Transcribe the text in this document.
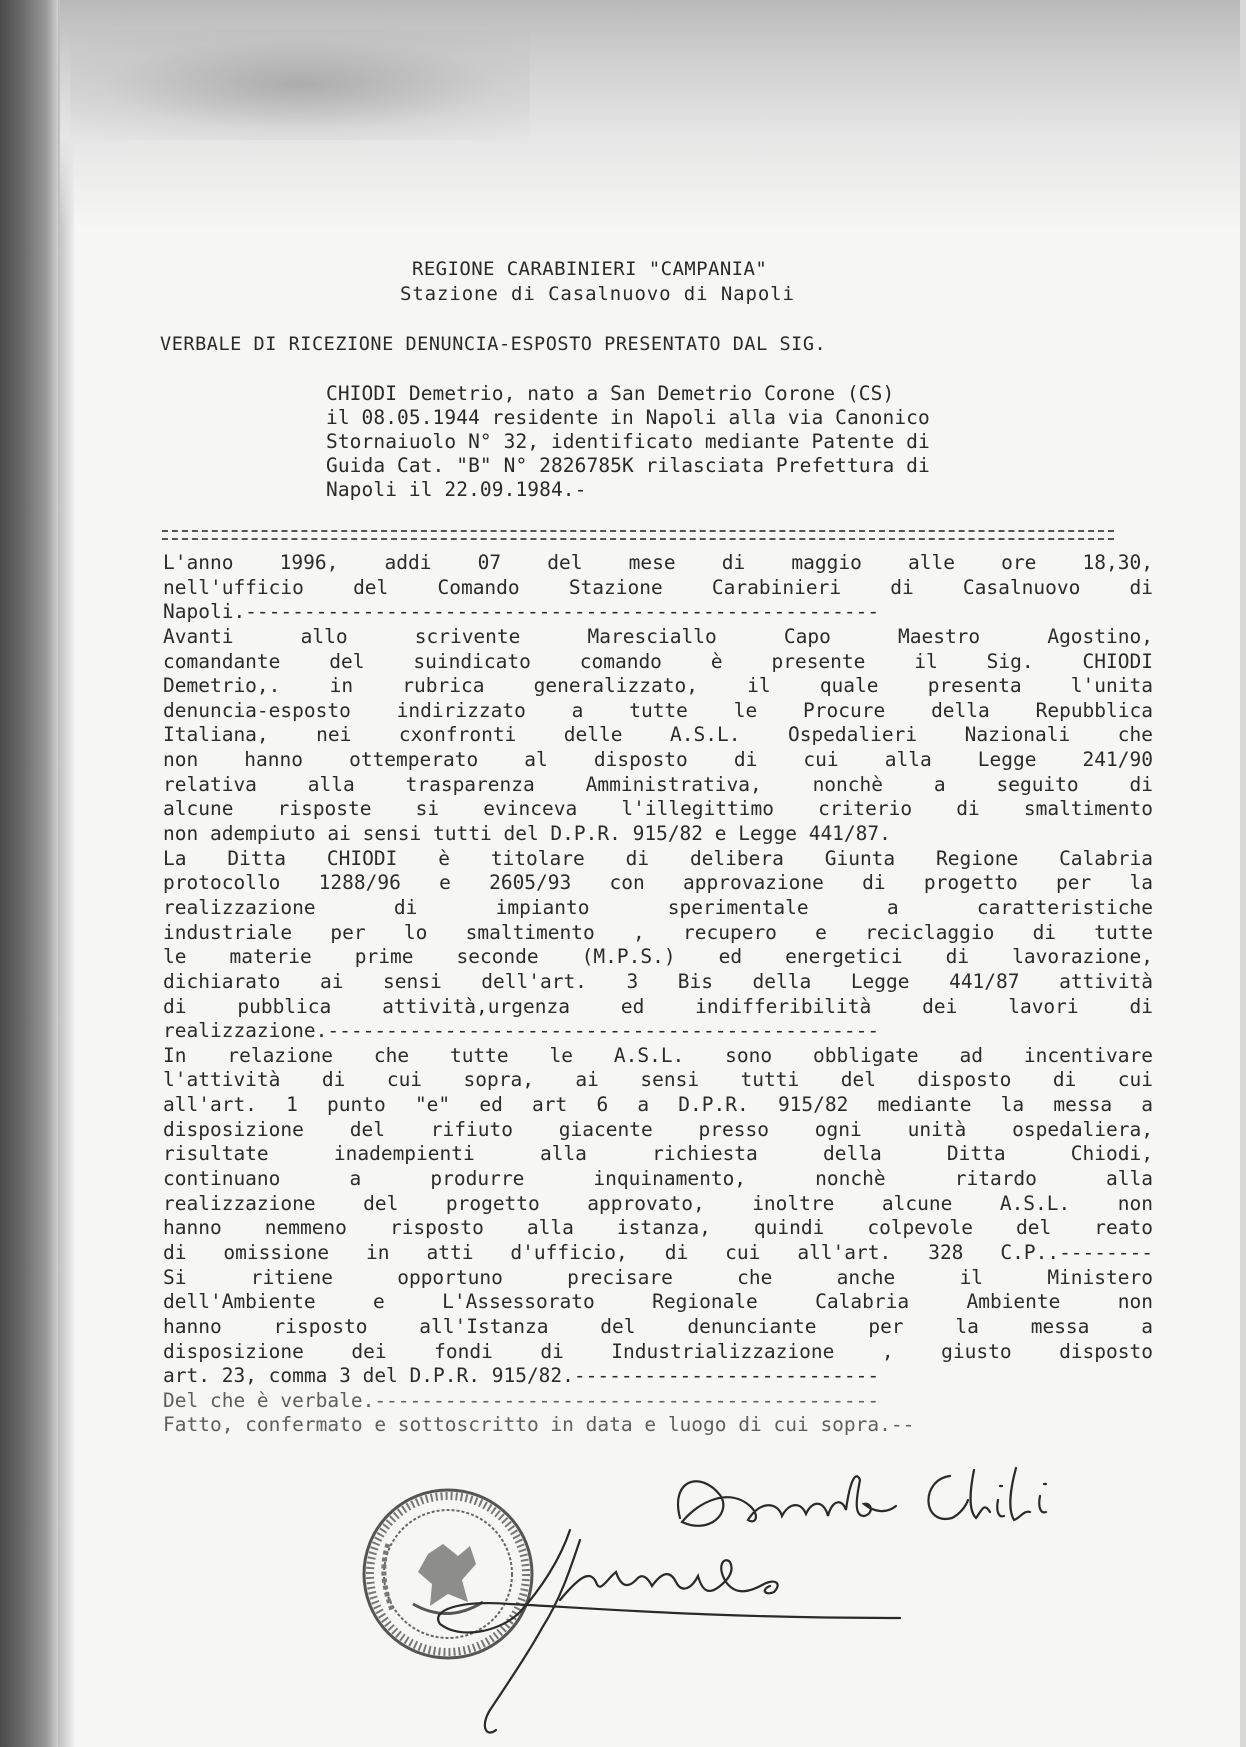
REGIONE CARABINIERI "CAMPANIA"

Stazione di Casalnuovo di Napoli

VERBALE DI RICEZIONE DENUNCIA-ESPOSTO PRESENTATO DAL SIG.

CHIODI Demetrio, nato a San Demetrio Corone (CS)
il 08.05.1944 residente in Napoli alla via Canonico
Stornaiuolo N° 32, identificato mediante Patente di
Guida Cat. "B" N° 2826785K rilasciata Prefettura di
Napoli il 22.09.1984.-
L'anno 1996, addi 07 del mese di maggio alle ore 18,30,
nell'ufficio del Comando Stazione Carabinieri di Casalnuovo di
Napoli.------------------------------------------------------
Avanti allo scrivente Maresciallo Capo Maestro Agostino,
comandante del suindicato comando è presente il Sig. CHIODI
Demetrio,. in rubrica generalizzato, il quale presenta l'unita
denuncia-esposto indirizzato a tutte le Procure della Repubblica
Italiana, nei cxonfronti delle A.S.L. Ospedalieri Nazionali che
non hanno ottemperato al disposto di cui alla Legge 241/90
relativa alla trasparenza Amministrativa, nonchè a seguito di
alcune risposte si evinceva l'illegittimo criterio di smaltimento
non adempiuto ai sensi tutti del D.P.R. 915/82 e Legge 441/87.
La Ditta CHIODI è titolare di delibera Giunta Regione Calabria
protocollo 1288/96 e 2605/93 con approvazione di progetto per la
realizzazione di impianto sperimentale a caratteristiche
industriale per lo smaltimento , recupero e reciclaggio di tutte
le materie prime seconde (M.P.S.) ed energetici di lavorazione,
dichiarato ai sensi dell'art. 3 Bis della Legge 441/87 attività
di pubblica attività,urgenza ed indifferibilità dei lavori di
realizzazione.-----------------------------------------------
In relazione che tutte le A.S.L. sono obbligate ad incentivare
l'attività di cui sopra, ai sensi tutti del disposto di cui
all'art. 1 punto "e" ed art 6 a D.P.R. 915/82 mediante la messa a
disposizione del rifiuto giacente presso ogni unità ospedaliera,
risultate inadempienti alla richiesta della Ditta Chiodi,
continuano a produrre inquinamento, nonchè ritardo alla
realizzazione del progetto approvato, inoltre alcune A.S.L. non
hanno nemmeno risposto alla istanza, quindi colpevole del reato
di omissione in atti d'ufficio, di cui all'art. 328 C.P..--------
Si ritiene opportuno precisare che anche il Ministero
dell'Ambiente e L'Assessorato Regionale Calabria Ambiente non
hanno risposto all'Istanza del denunciante per la messa a
disposizione dei fondi di Industrializzazione , giusto disposto
art. 23, comma 3 del D.P.R. 915/82.--------------------------
Del che è verbale.-------------------------------------------
Fatto, confermato e sottoscritto in data e luogo di cui sopra.--
